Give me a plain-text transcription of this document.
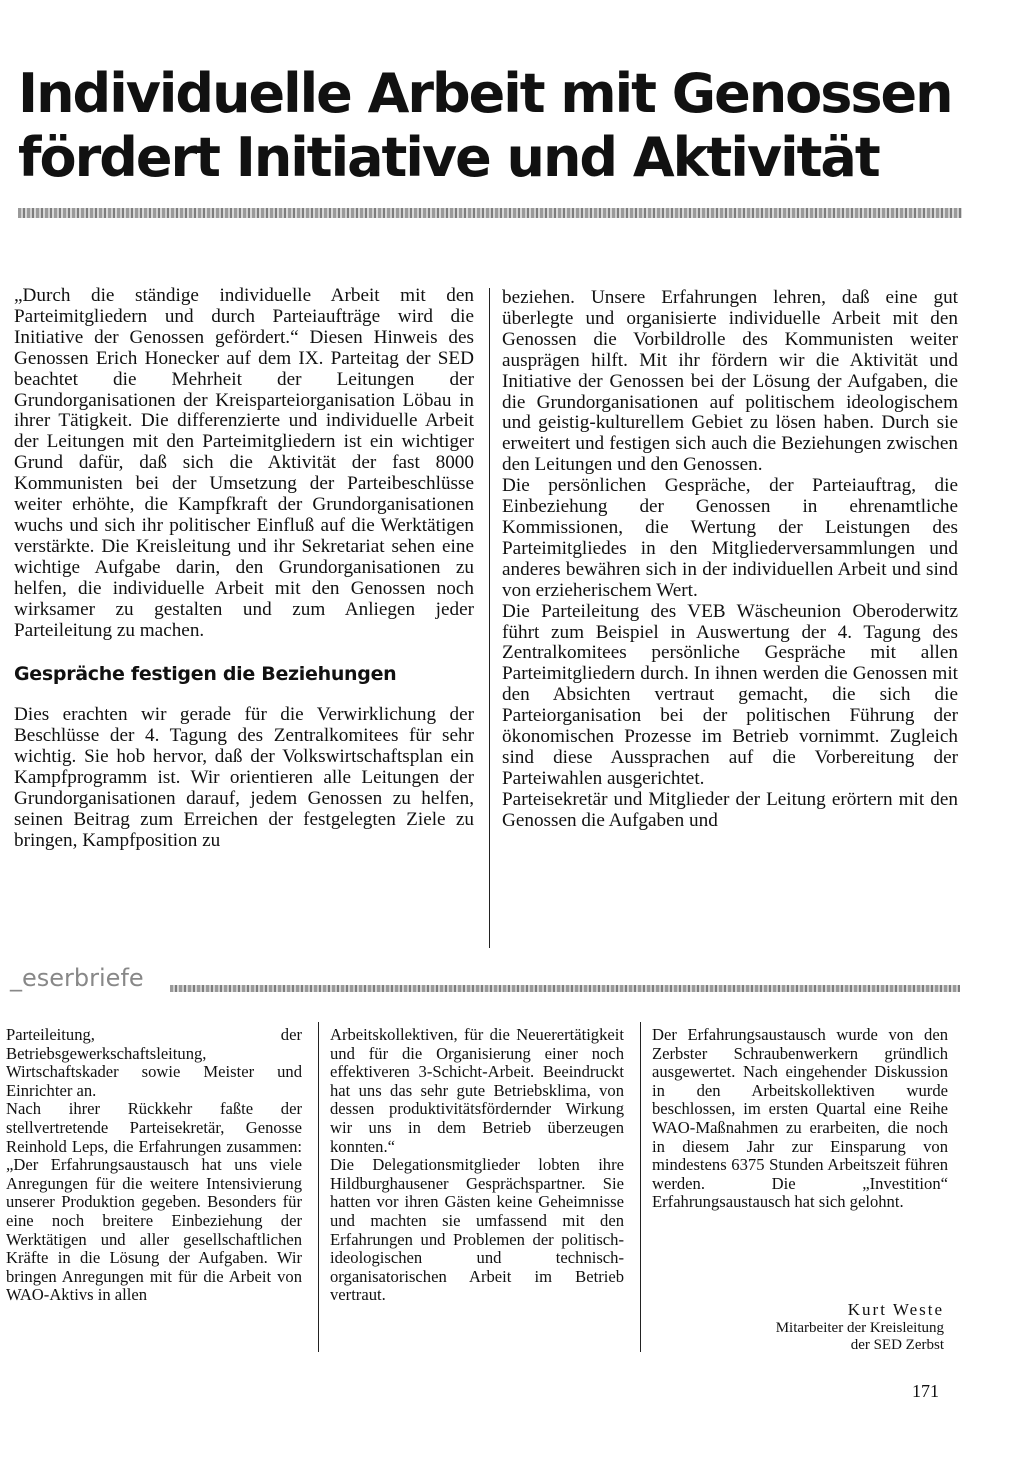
Individuelle Arbeit mit Genossen fördert Initiative und Aktivität

„Durch die ständige individuelle Arbeit mit den Parteimitgliedern und durch Parteiaufträge wird die Initiative der Genossen gefördert.“ Diesen Hinweis des Genossen Erich Honecker auf dem IX. Parteitag der SED beachtet die Mehrheit der Leitungen der Grundorganisationen der Kreisparteiorganisation Löbau in ihrer Tätigkeit. Die differenzierte und individuelle Arbeit der Leitungen mit den Parteimitgliedern ist ein wichtiger Grund dafür, daß sich die Aktivität der fast 8000 Kommunisten bei der Umsetzung der Parteibeschlüsse weiter erhöhte, die Kampfkraft der Grundorganisationen wuchs und sich ihr politischer Einfluß auf die Werktätigen verstärkte. Die Kreisleitung und ihr Sekretariat sehen eine wichtige Aufgabe darin, den Grundorganisationen zu helfen, die individuelle Arbeit mit den Genossen noch wirksamer zu gestalten und zum Anliegen jeder Parteileitung zu machen.

Gespräche festigen die Beziehungen

Dies erachten wir gerade für die Verwirklichung der Beschlüsse der 4. Tagung des Zentralkomitees für sehr wichtig. Sie hob hervor, daß der Volkswirtschaftsplan ein Kampfprogramm ist. Wir orientieren alle Leitungen der Grundorganisationen darauf, jedem Genossen zu helfen, seinen Beitrag zum Erreichen der festgelegten Ziele zu bringen, Kampfposition zu

beziehen. Unsere Erfahrungen lehren, daß eine gut überlegte und organisierte individuelle Arbeit mit den Genossen die Vorbildrolle des Kommunisten weiter ausprägen hilft. Mit ihr fördern wir die Aktivität und Initiative der Genossen bei der Lösung der Aufgaben, die die Grundorganisationen auf politischem ideologischem und geistig-kulturellem Gebiet zu lösen haben. Durch sie erweitert und festigen sich auch die Beziehungen zwischen den Leitungen und den Genossen.

Die persönlichen Gespräche, der Parteiauftrag, die Einbeziehung der Genossen in ehrenamtliche Kommissionen, die Wertung der Leistungen des Parteimitgliedes in den Mitgliederversammlungen und anderes bewähren sich in der individuellen Arbeit und sind von erzieherischem Wert.

Die Parteileitung des VEB Wäscheunion Oberoderwitz führt zum Beispiel in Auswertung der 4. Tagung des Zentralkomitees persönliche Gespräche mit allen Parteimitgliedern durch. In ihnen werden die Genossen mit den Absichten vertraut gemacht, die sich die Parteiorganisation bei der politischen Führung der ökonomischen Prozesse im Betrieb vornimmt. Zugleich sind diese Aussprachen auf die Vorbereitung der Parteiwahlen ausgerichtet.

Parteisekretär und Mitglieder der Leitung erörtern mit den Genossen die Aufgaben und

_eserbriefe

Parteileitung, der Betriebsgewerkschaftsleitung, Wirtschaftskader sowie Meister und Einrichter an.

Nach ihrer Rückkehr faßte der stellvertretende Parteisekretär, Genosse Reinhold Leps, die Erfahrungen zusammen: „Der Erfahrungsaustausch hat uns viele Anregungen für die weitere Intensivierung unserer Produktion gegeben. Besonders für eine noch breitere Einbeziehung der Werktätigen und aller gesellschaftlichen Kräfte in die Lösung der Aufgaben. Wir bringen Anregungen mit für die Arbeit von WAO-Aktivs in allen

Arbeitskollektiven, für die Neuerertätigkeit und für die Organisierung einer noch effektiveren 3-Schicht-Arbeit. Beeindruckt hat uns das sehr gute Betriebsklima, von dessen produktivitätsfördernder Wirkung wir uns in dem Betrieb überzeugen konnten.“

Die Delegationsmitglieder lobten ihre Hildburghausener Gesprächspartner. Sie hatten vor ihren Gästen keine Geheimnisse und machten sie umfassend mit den Erfahrungen und Problemen der politisch-ideologischen und technisch-organisatorischen Arbeit im Betrieb vertraut.

Der Erfahrungsaustausch wurde von den Zerbster Schraubenwerkern gründlich ausgewertet. Nach eingehender Diskussion in den Arbeitskollektiven wurde beschlossen, im ersten Quartal eine Reihe WAO-Maßnahmen zu erarbeiten, die noch in diesem Jahr zur Einsparung von mindestens 6375 Stunden Arbeitszeit führen werden. Die „Investition“ Erfahrungsaustausch hat sich gelohnt.

Kurt Weste
Mitarbeiter der Kreisleitung
der SED Zerbst
171
